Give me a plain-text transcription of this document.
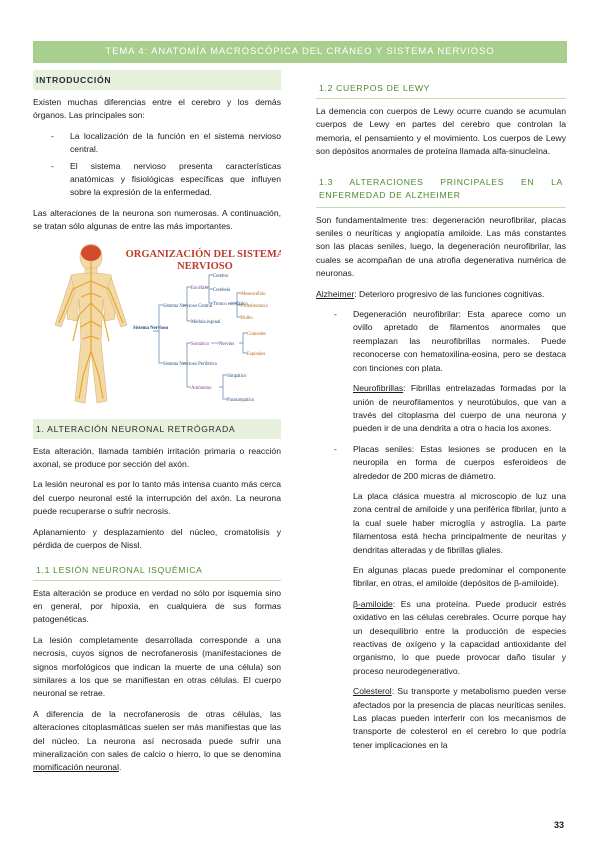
TEMA 4: ANATOMÍA MACROSCÓPICA DEL CRÁNEO Y SISTEMA NERVIOSO
INTRODUCCIÓN

Existen muchas diferencias entre el cerebro y los demás órganos. Las principales son:

- La localización de la función en el sistema nervioso central.
- El sistema nervioso presenta características anatómicas y fisiológicas específicas que influyen sobre la expresión de la enfermedad.

Las alteraciones de la neurona son numerosas. A continuación, se tratan sólo algunas de entre las más importantes.

ORGANIZACIÓN DEL SISTEMA
NERVIOSO
Sistema Nervioso
Sistema Nervioso Central
Sistema Nervioso Periférico
Encéfalo
Médula espinal
Cerebro
Cerebelo
Tronco encefálico
Mesencéfalo
Protuberancia
Bulbo
Somático Nervios
Craneales
Espinales
Autónomo
Simpático
Parasimpático
1. ALTERACIÓN NEURONAL RETRÓGRADA

Esta alteración, llamada también irritación primaria o reacción axonal, se produce por sección del axón.

La lesión neuronal es por lo tanto más intensa cuanto más cerca del cuerpo neuronal esté la interrupción del axón. La neurona puede recuperarse o sufrir necrosis.

Aplanamiento y desplazamiento del núcleo, cromatolisis y pérdida de cuerpos de Nissl.

1.1 LESIÓN NEURONAL ISQUÉMICA

Esta alteración se produce en verdad no sólo por isquemia sino en general, por hipoxia, en cualquiera de sus formas patogenéticas.

La lesión completamente desarrollada corresponde a una necrosis, cuyos signos de necrofanerosis (manifestaciones de signos morfológicos que indican la muerte de una célula) son similares a los que se manifiestan en otras células. El cuerpo neuronal se retrae.

A diferencia de la necrofanerosis de otras células, las alteraciones citoplasmáticas suelen ser más manifiestas que las del núcleo. La neurona así necrosada puede sufrir una mineralización con sales de calcio o hierro, lo que se denomina momificación neuronal.

1.2 CUERPOS DE LEWY

La demencia con cuerpos de Lewy ocurre cuando se acumulan cuerpos de Lewy en partes del cerebro que controlan la memoria, el pensamiento y el movimiento. Los cuerpos de Lewy son depósitos anormales de proteína llamada alfa-sinucleína.

1.3 ALTERACIONES PRINCIPALES EN LA ENFERMEDAD DE ALZHEIMER

Son fundamentalmente tres: degeneración neurofibrilar, placas seniles o neuríticas y angiopatía amiloide. Las más constantes son las placas seniles, luego, la degeneración neurofibrilar, las cuales se acompañan de una atrofia degenerativa numérica de neuronas.

Alzheimer: Deterioro progresivo de las funciones cognitivas.

- Degeneración neurofibrilar: Esta aparece como un ovillo apretado de filamentos anormales que reemplazan las neurofibrillas normales. Puede reconocerse con hematoxilina-eosina, pero se destaca con tinciones con plata.

Neurofibrillas: Fibrillas entrelazadas formadas por la unión de neurofilamentos y neurotúbulos, que van a través del citoplasma del cuerpo de una neurona y pueden ir de una dendrita a otra o hacia los axones.

- Placas seniles: Estas lesiones se producen en la neuropila en forma de cuerpos esferoideos de alrededor de 200 micras de diámetro.

La placa clásica muestra al microscopio de luz una zona central de amiloide y una periférica fibrilar, junto a la cual suele haber microglía y astroglía. La parte filamentosa está hecha principalmente de neuritas y dendritas alteradas y de fibrillas gliales.

En algunas placas puede predominar el componente fibrilar, en otras, el amiloide (depósitos de β-amiloide).

β-amiloide: Es una proteína. Puede producir estrés oxidativo en las células cerebrales. Ocurre porque hay un desequilibrio entre la producción de especies reactivas de oxígeno y la capacidad antioxidante del organismo, lo que puede provocar daño tisular y proceso neurodegenerativo.

Colesterol: Su transporte y metabolismo pueden verse afectados por la presencia de placas neuríticas seniles. Las placas pueden interferir con los mecanismos de transporte de colesterol en el cerebro lo que podría tener implicaciones en la

33
